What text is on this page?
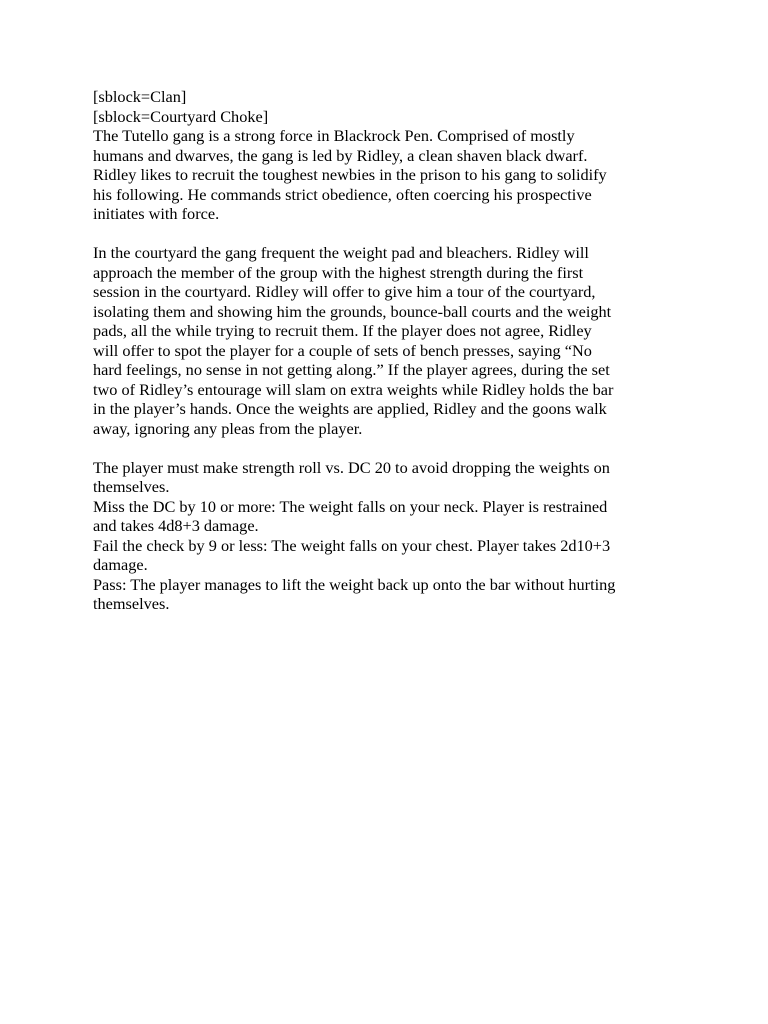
[sblock=Clan]
[sblock=Courtyard Choke]
The Tutello gang is a strong force in Blackrock Pen. Comprised of mostly
humans and dwarves, the gang is led by Ridley, a clean shaven black dwarf.
Ridley likes to recruit the toughest newbies in the prison to his gang to solidify
his following. He commands strict obedience, often coercing his prospective
initiates with force.
In the courtyard the gang frequent the weight pad and bleachers. Ridley will
approach the member of the group with the highest strength during the first
session in the courtyard. Ridley will offer to give him a tour of the courtyard,
isolating them and showing him the grounds, bounce-ball courts and the weight
pads, all the while trying to recruit them. If the player does not agree, Ridley
will offer to spot the player for a couple of sets of bench presses, saying “No
hard feelings, no sense in not getting along.” If the player agrees, during the set
two of Ridley’s entourage will slam on extra weights while Ridley holds the bar
in the player’s hands. Once the weights are applied, Ridley and the goons walk
away, ignoring any pleas from the player.
The player must make strength roll vs. DC 20 to avoid dropping the weights on
themselves.
Miss the DC by 10 or more: The weight falls on your neck. Player is restrained
and takes 4d8+3 damage.
Fail the check by 9 or less: The weight falls on your chest. Player takes 2d10+3
damage.
Pass: The player manages to lift the weight back up onto the bar without hurting
themselves.
